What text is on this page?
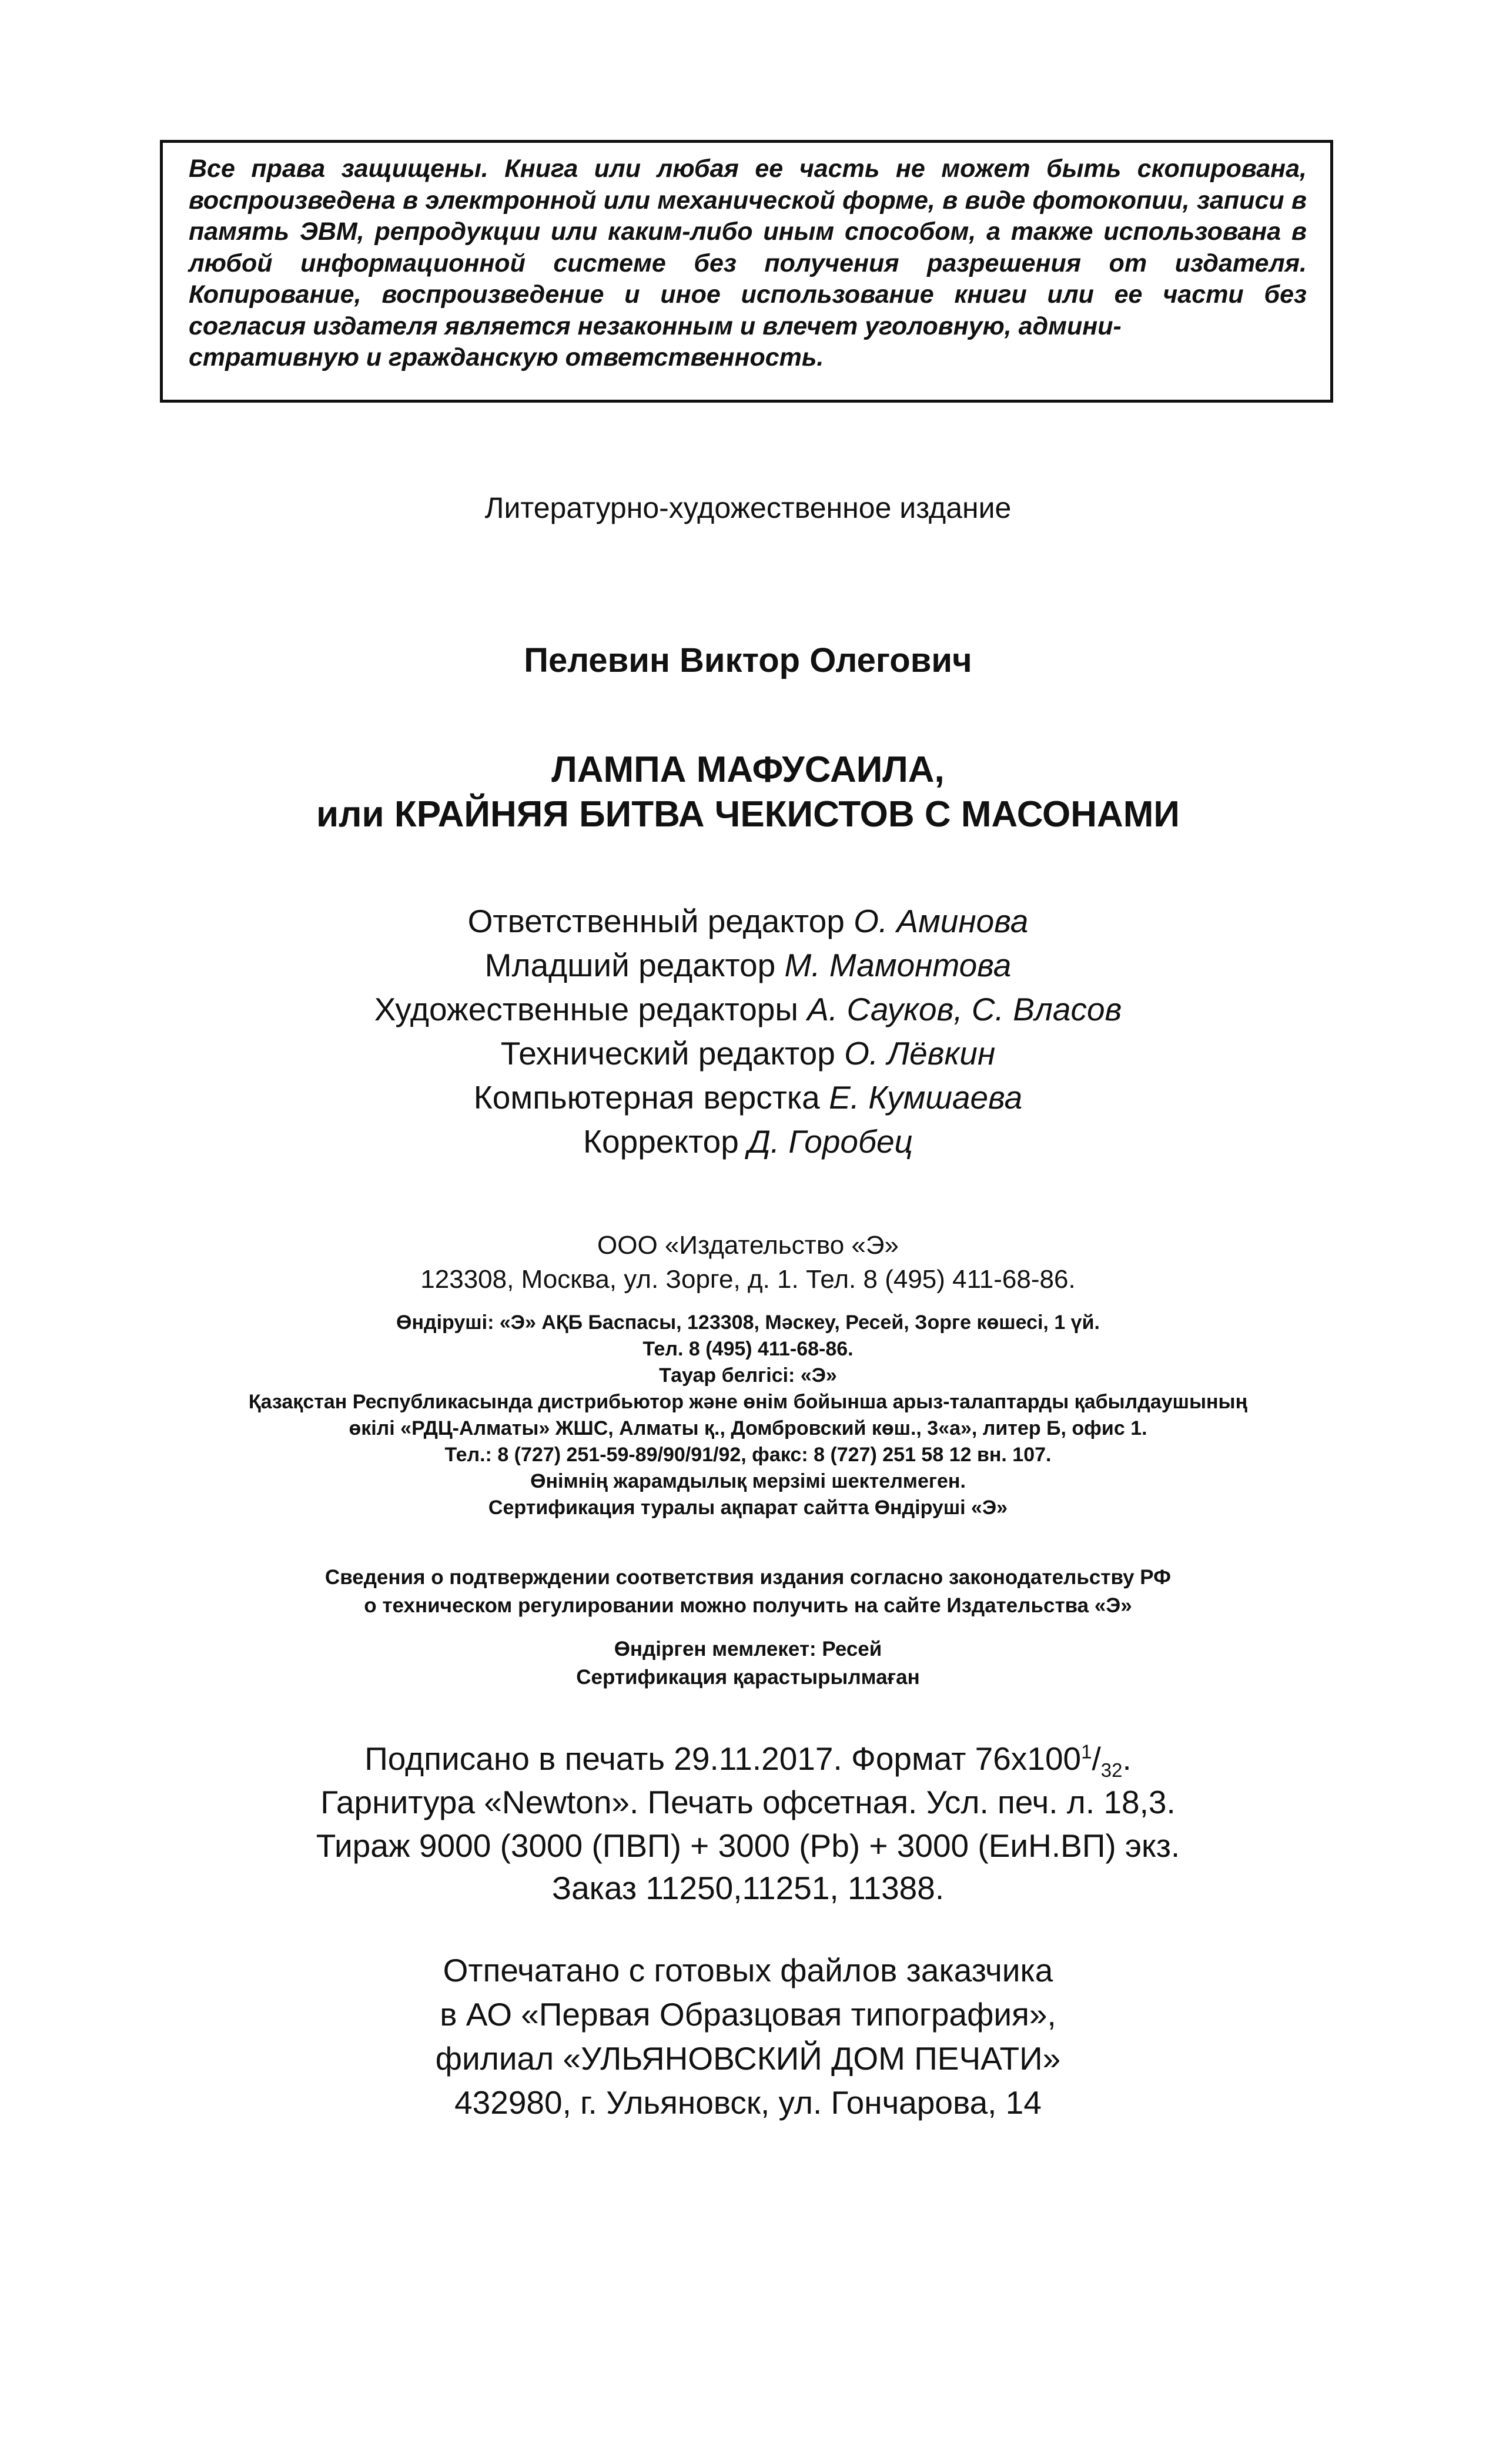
Все права защищены. Книга или любая ее часть не может быть скопирована, воспроизведена в электронной или механической форме, в виде фотокопии, записи в память ЭВМ, репродукции или каким-либо иным способом, а также использована в любой информационной системе без получения разрешения от издателя. Копирование, воспроизведение и иное использование книги или ее части без согласия издателя является незаконным и влечет уголовную, админи-
стративную и гражданскую ответственность.
Литературно-художественное издание
Пелевин Виктор Олегович
ЛАМПА МАФУСАИЛА,
или КРАЙНЯЯ БИТВА ЧЕКИСТОВ С МАСОНАМИ
Ответственный редактор О. Аминова
Младший редактор М. Мамонтова
Художественные редакторы А. Сауков, С. Власов
Технический редактор О. Лёвкин
Компьютерная верстка Е. Кумшаева
Корректор Д. Горобец
ООО «Издательство «Э»
123308, Москва, ул. Зорге, д. 1. Тел. 8 (495) 411-68-86.
Өндіруші: «Э» АҚБ Баспасы, 123308, Мәскеу, Ресей, Зорге көшесі, 1 үй.
Тел. 8 (495) 411-68-86.
Тауар белгісі: «Э»
Қазақстан Республикасында дистрибьютор және өнім бойынша арыз-талаптарды қабылдаушының
өкілі «РДЦ-Алматы» ЖШС, Алматы қ., Домбровский көш., 3«а», литер Б, офис 1.
Тел.: 8 (727) 251-59-89/90/91/92, факс: 8 (727) 251 58 12 вн. 107.
Өнімнің жарамдылық мерзімі шектелмеген.
Сертификация туралы ақпарат сайтта Өндіруші «Э»
Сведения о подтверждении соответствия издания согласно законодательству РФ
о техническом регулировании можно получить на сайте Издательства «Э»
Өндірген мемлекет: Ресей
Сертификация қарастырылмаған
Подписано в печать 29.11.2017. Формат $76x100^1/_{32}$.
Гарнитура «Newton». Печать офсетная. Усл. печ. л. 18,3.
Тираж 9000 (3000 (ПВП) + 3000 (Pb) + 3000 (ЕиН.ВП) экз.
Заказ 11250,11251, 11388.
Отпечатано с готовых файлов заказчика
в АО «Первая Образцовая типография»,
филиал «УЛЬЯНОВСКИЙ ДОМ ПЕЧАТИ»
432980, г. Ульяновск, ул. Гончарова, 14
